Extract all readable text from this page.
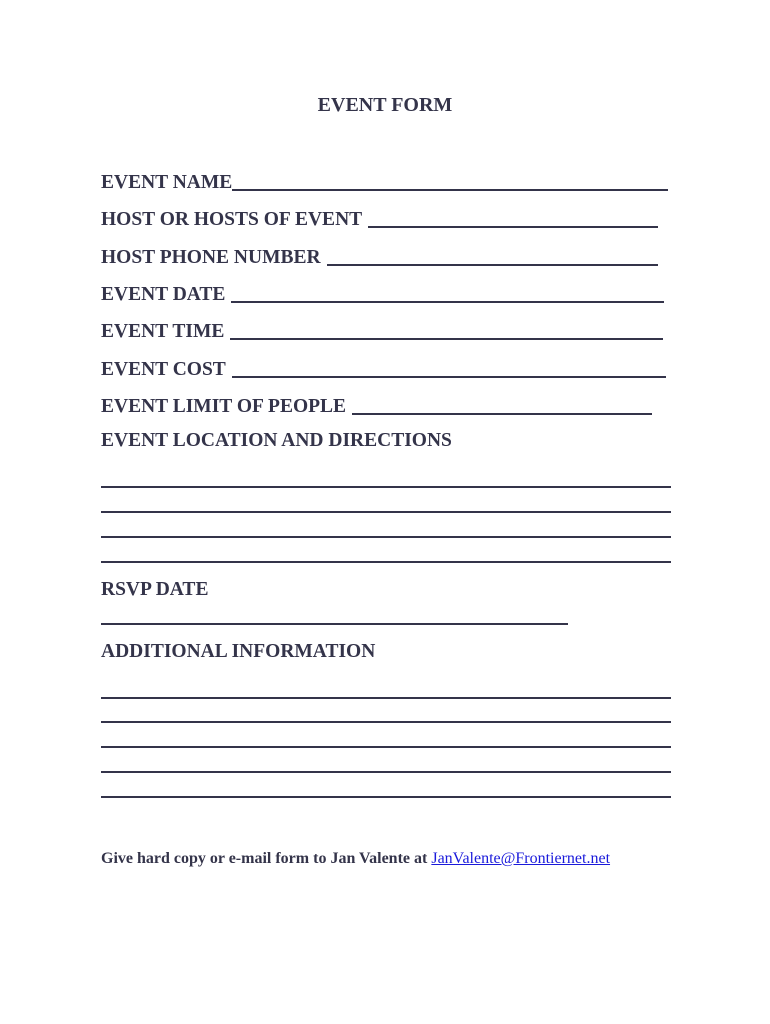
EVENT FORM
EVENT NAME
HOST OR HOSTS OF EVENT
HOST PHONE NUMBER
EVENT DATE
EVENT TIME
EVENT COST
EVENT LIMIT OF PEOPLE
EVENT LOCATION AND DIRECTIONS
RSVP DATE
ADDITIONAL INFORMATION
Give hard copy or e-mail form to Jan Valente at JanValente@Frontiernet.net
